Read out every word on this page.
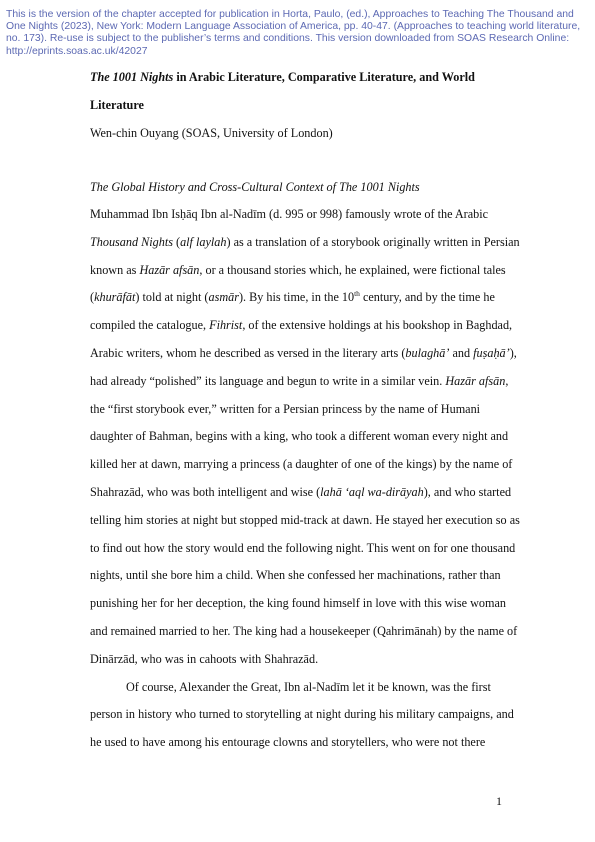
This is the version of the chapter accepted for publication in Horta, Paulo, (ed.), Approaches to Teaching The Thousand and One Nights (2023), New York: Modern Language Association of America, pp. 40-47. (Approaches to teaching world literature, no. 173). Re-use is subject to the publisher’s terms and conditions. This version downloaded from SOAS Research Online: http://eprints.soas.ac.uk/42027

The 1001 Nights in Arabic Literature, Comparative Literature, and World Literature

Wen-chin Ouyang (SOAS, University of London)
The Global History and Cross-Cultural Context of The 1001 Nights

Muhammad Ibn Isḥāq Ibn al-Nadīm (d. 995 or 998) famously wrote of the Arabic Thousand Nights (alf laylah) as a translation of a storybook originally written in Persian known as Hazār afsān, or a thousand stories which, he explained, were fictional tales (khurāfāt) told at night (asmār). By his time, in the 10th century, and by the time he compiled the catalogue, Fihrist, of the extensive holdings at his bookshop in Baghdad, Arabic writers, whom he described as versed in the literary arts (bulaghā’ and fuṣaḥā’), had already “polished” its language and begun to write in a similar vein. Hazār afsān, the “first storybook ever,” written for a Persian princess by the name of Humani daughter of Bahman, begins with a king, who took a different woman every night and killed her at dawn, marrying a princess (a daughter of one of the kings) by the name of Shahrazād, who was both intelligent and wise (lahā ‘aql wa-dirāyah), and who started telling him stories at night but stopped mid-track at dawn. He stayed her execution so as to find out how the story would end the following night. This went on for one thousand nights, until she bore him a child. When she confessed her machinations, rather than punishing her for her deception, the king found himself in love with this wise woman and remained married to her. The king had a housekeeper (Qahrimānah) by the name of Dinārzād, who was in cahoots with Shahrazād.

Of course, Alexander the Great, Ibn al-Nadīm let it be known, was the first person in history who turned to storytelling at night during his military campaigns, and he used to have among his entourage clowns and storytellers, who were not there

1
